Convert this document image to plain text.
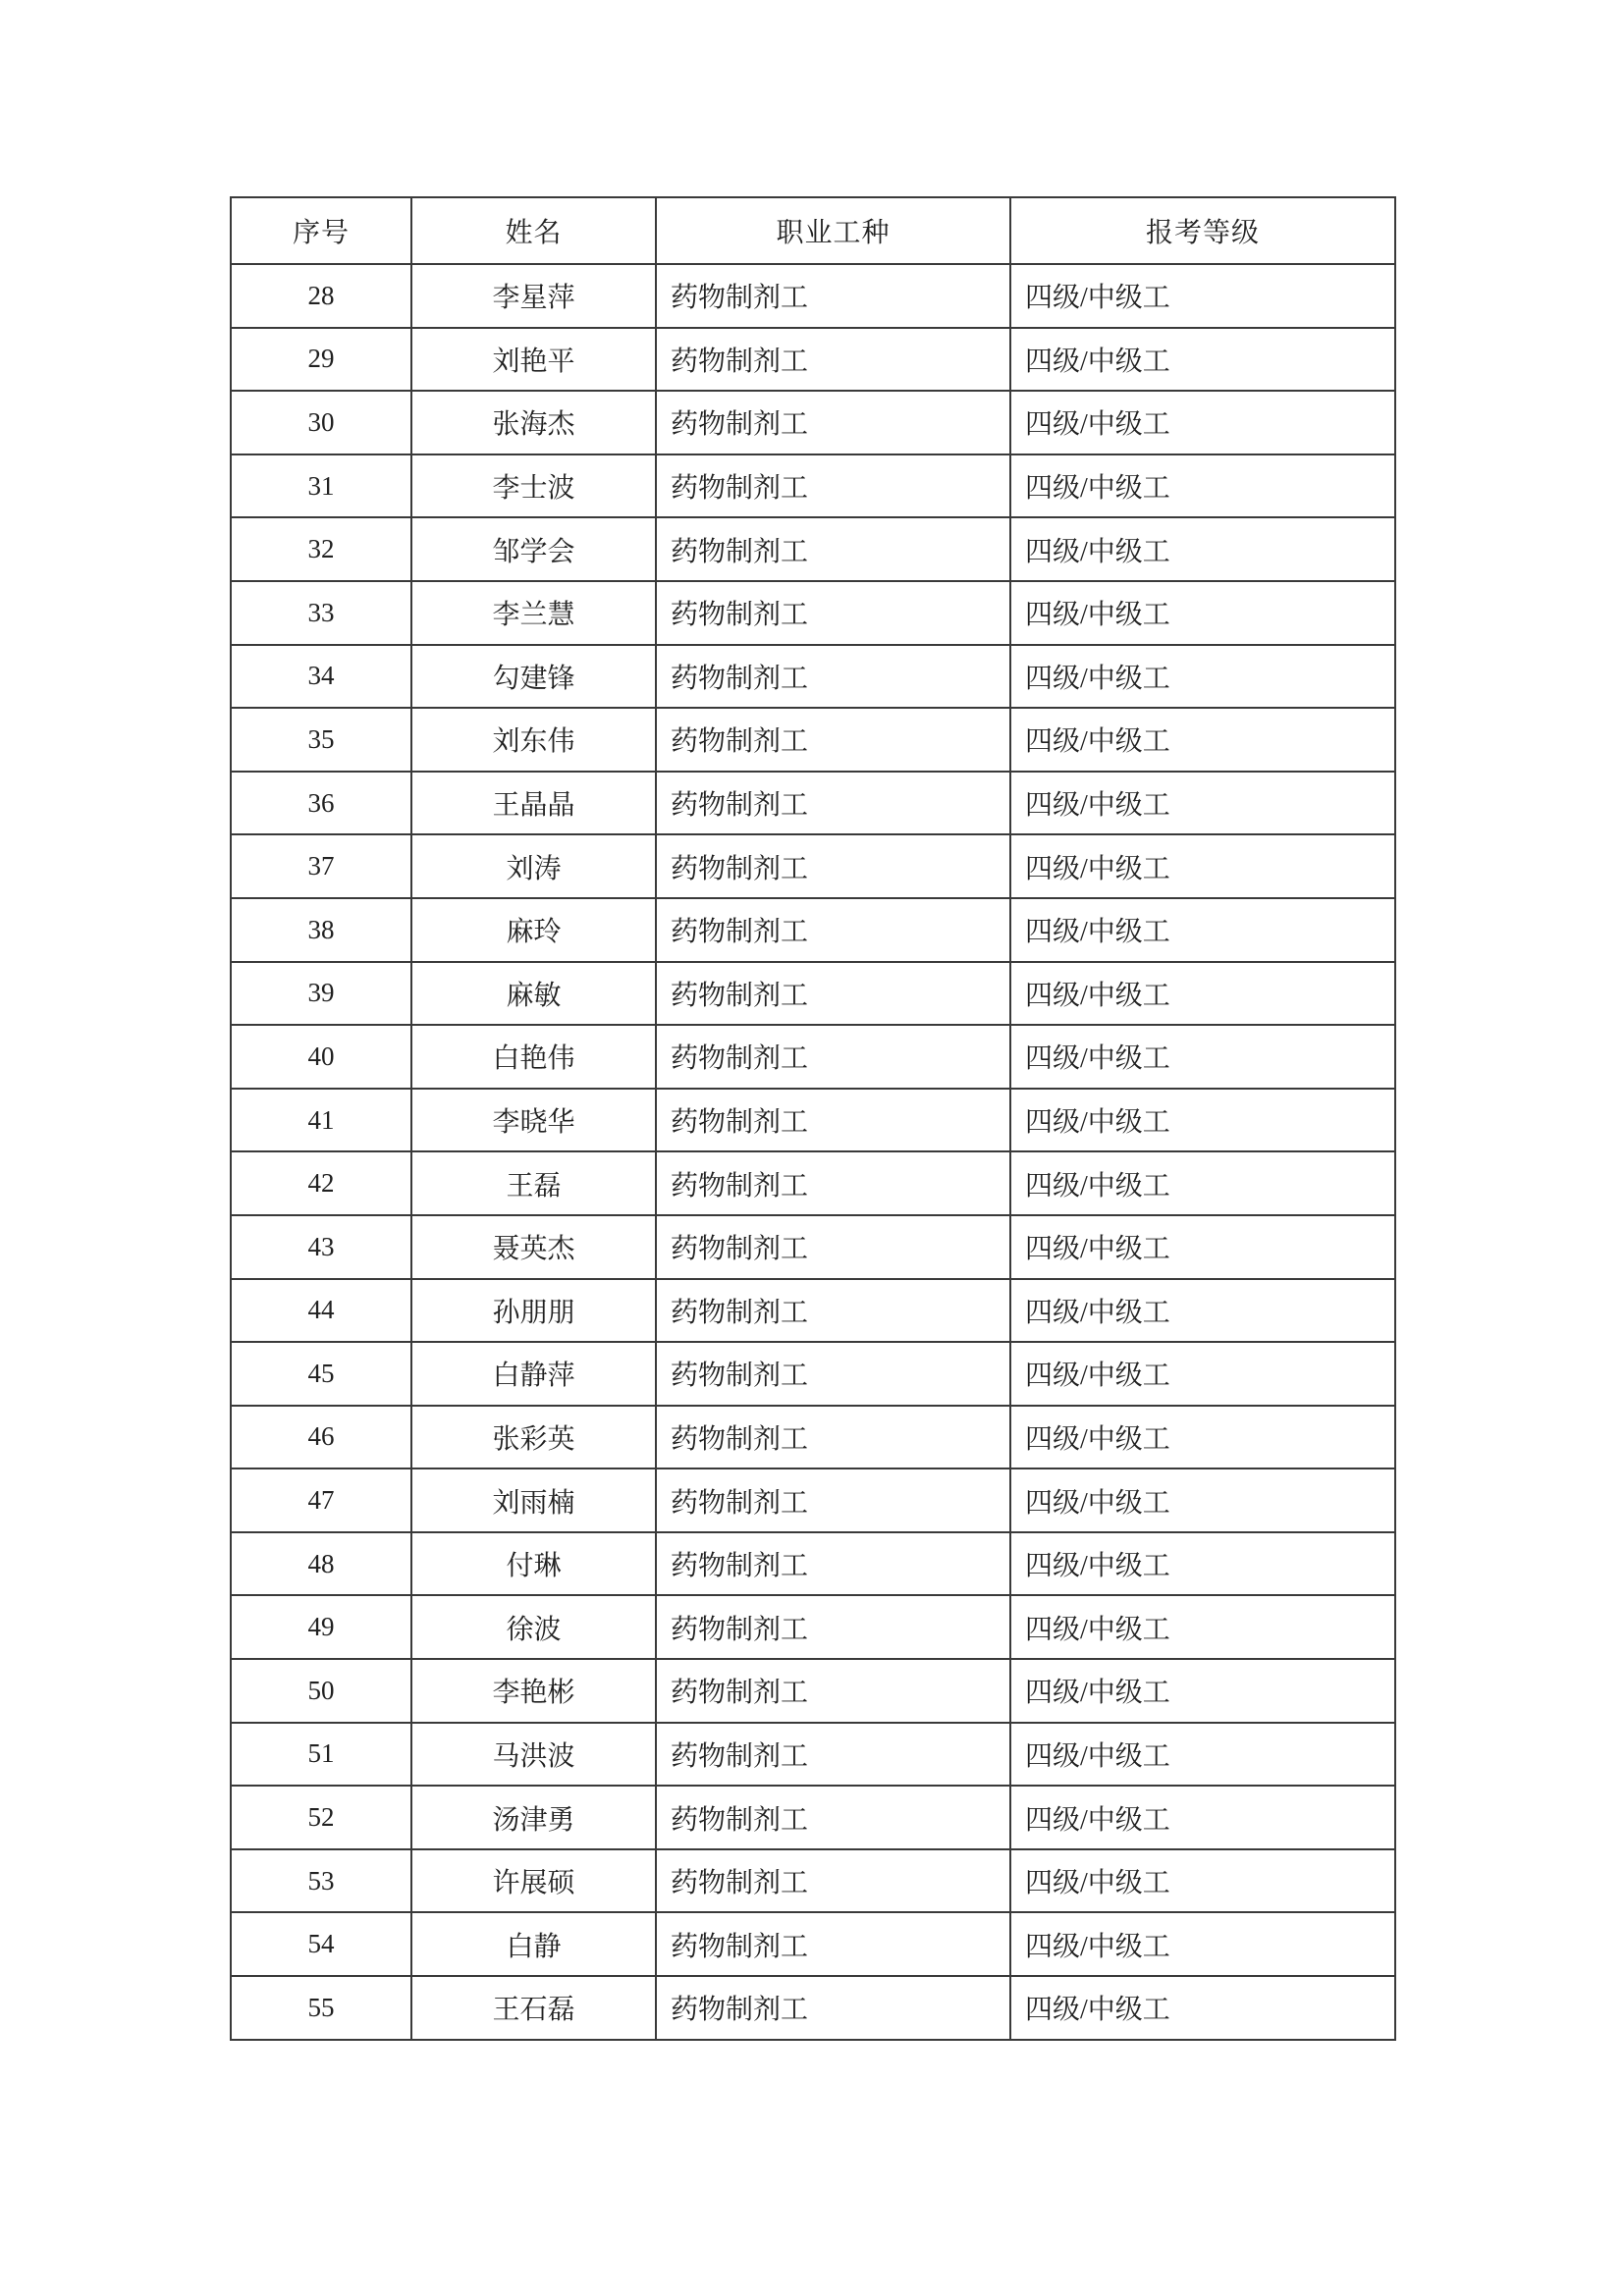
序号	姓名	职业工种	报考等级
28	李星萍	药物制剂工	四级/中级工
29	刘艳平	药物制剂工	四级/中级工
30	张海杰	药物制剂工	四级/中级工
31	李士波	药物制剂工	四级/中级工
32	邹学会	药物制剂工	四级/中级工
33	李兰慧	药物制剂工	四级/中级工
34	勾建锋	药物制剂工	四级/中级工
35	刘东伟	药物制剂工	四级/中级工
36	王晶晶	药物制剂工	四级/中级工
37	刘涛	药物制剂工	四级/中级工
38	麻玲	药物制剂工	四级/中级工
39	麻敏	药物制剂工	四级/中级工
40	白艳伟	药物制剂工	四级/中级工
41	李晓华	药物制剂工	四级/中级工
42	王磊	药物制剂工	四级/中级工
43	聂英杰	药物制剂工	四级/中级工
44	孙朋朋	药物制剂工	四级/中级工
45	白静萍	药物制剂工	四级/中级工
46	张彩英	药物制剂工	四级/中级工
47	刘雨楠	药物制剂工	四级/中级工
48	付琳	药物制剂工	四级/中级工
49	徐波	药物制剂工	四级/中级工
50	李艳彬	药物制剂工	四级/中级工
51	马洪波	药物制剂工	四级/中级工
52	汤津勇	药物制剂工	四级/中级工
53	许展硕	药物制剂工	四级/中级工
54	白静	药物制剂工	四级/中级工
55	王石磊	药物制剂工	四级/中级工
